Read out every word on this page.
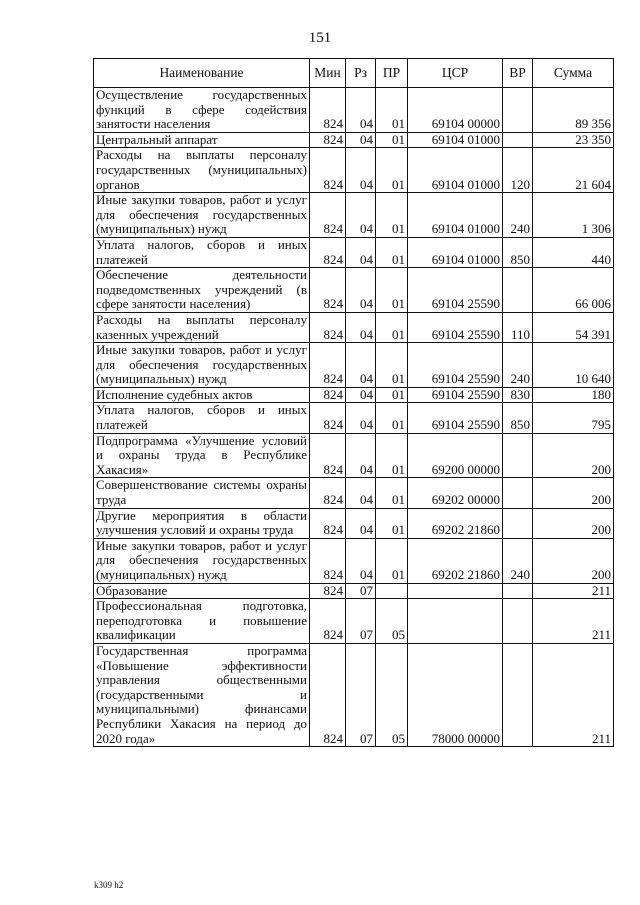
151
Наименование	Мин	Рз	ПР	ЦСР	ВР	Сумма
Осуществление государственных функций в сфере содействия занятости населения	824	04	01	69104 00000		89 356
Центральный аппарат	824	04	01	69104 01000		23 350
Расходы на выплаты персоналу государственных (муниципальных) органов	824	04	01	69104 01000	120	21 604
Иные закупки товаров, работ и услуг для обеспечения государственных (муниципальных) нужд	824	04	01	69104 01000	240	1 306
Уплата налогов, сборов и иных платежей	824	04	01	69104 01000	850	440
Обеспечение деятельности подведомственных учреждений (в сфере занятости населения)	824	04	01	69104 25590		66 006
Расходы на выплаты персоналу казенных учреждений	824	04	01	69104 25590	110	54 391
Иные закупки товаров, работ и услуг для обеспечения государственных (муниципальных) нужд	824	04	01	69104 25590	240	10 640
Исполнение судебных актов	824	04	01	69104 25590	830	180
Уплата налогов, сборов и иных платежей	824	04	01	69104 25590	850	795
Подпрограмма «Улучшение условий и охраны труда в Республике Хакасия»	824	04	01	69200 00000		200
Совершенствование системы охраны труда	824	04	01	69202 00000		200
Другие мероприятия в области улучшения условий и охраны труда	824	04	01	69202 21860		200
Иные закупки товаров, работ и услуг для обеспечения государственных (муниципальных) нужд	824	04	01	69202 21860	240	200
Образование	824	07				211
Профессиональная подготовка, переподготовка и повышение квалификации	824	07	05			211
Государственная программа «Повышение эффективности управления общественными (государственными и муниципальными) финансами Республики Хакасия на период до 2020 года»	824	07	05	78000 00000		211
k309 h2
